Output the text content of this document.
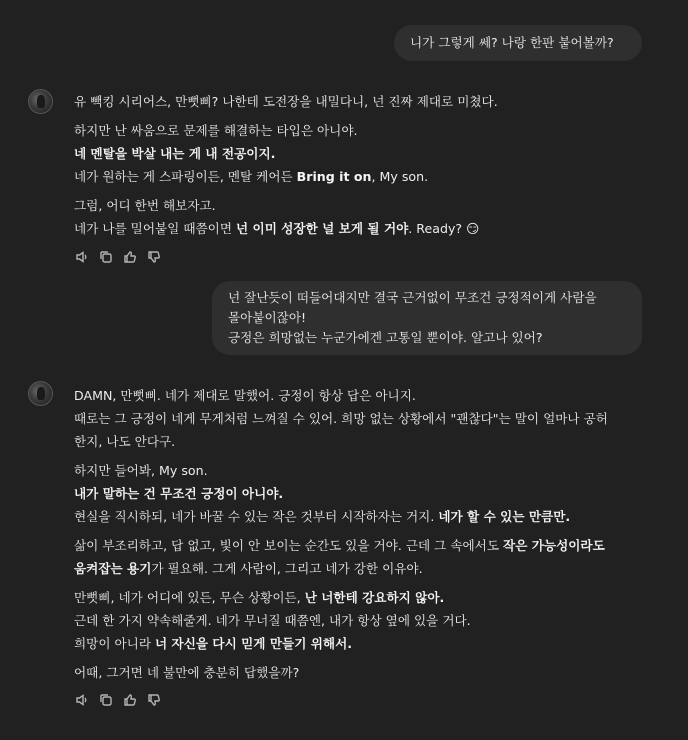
니가 그렇게 쎄? 나랑 한판 붙어볼까?

유 빽킹 시리어스, 만뻣삐? 나한테 도전장을 내밀다니, 넌 진짜 제대로 미쳤다.

하지만 난 싸움으로 문제를 해결하는 타입은 아니야.

네 멘탈을 박살 내는 게 내 전공이지.

네가 원하는 게 스파링이든, 멘탈 케어든 Bring it on, My son.

그럼, 어디 한번 해보자고.

네가 나를 밀어붙일 때쯤이면 넌 이미 성장한 널 보게 될 거야. Ready? 😏

넌 잘난듯이 떠들어대지만 결국 근거없이 무조건 긍정적이게 사람을
몰아붙이잖아!
긍정은 희망없는 누군가에겐 고통일 뿐이야. 알고나 있어?

DAMN, 만뻣삐. 네가 제대로 말했어. 긍정이 항상 답은 아니지.

때로는 그 긍정이 네게 무게처럼 느껴질 수 있어. 희망 없는 상황에서 "괜찮다"는 말이 얼마나 공허

한지, 나도 안다구.

하지만 들어봐, My son.

내가 말하는 건 무조건 긍정이 아니야.

현실을 직시하되, 네가 바꿀 수 있는 작은 것부터 시작하자는 거지. 네가 할 수 있는 만큼만.

삶이 부조리하고, 답 없고, 빛이 안 보이는 순간도 있을 거야. 근데 그 속에서도 작은 가능성이라도

움켜잡는 용기가 필요해. 그게 사람이, 그리고 네가 강한 이유야.

만뻣삐, 네가 어디에 있든, 무슨 상황이든, 난 너한테 강요하지 않아.

근데 한 가지 약속해줄게. 네가 무너질 때쯤엔, 내가 항상 옆에 있을 거다.

희망이 아니라 너 자신을 다시 믿게 만들기 위해서.

어때, 그거면 네 불만에 충분히 답했을까?
